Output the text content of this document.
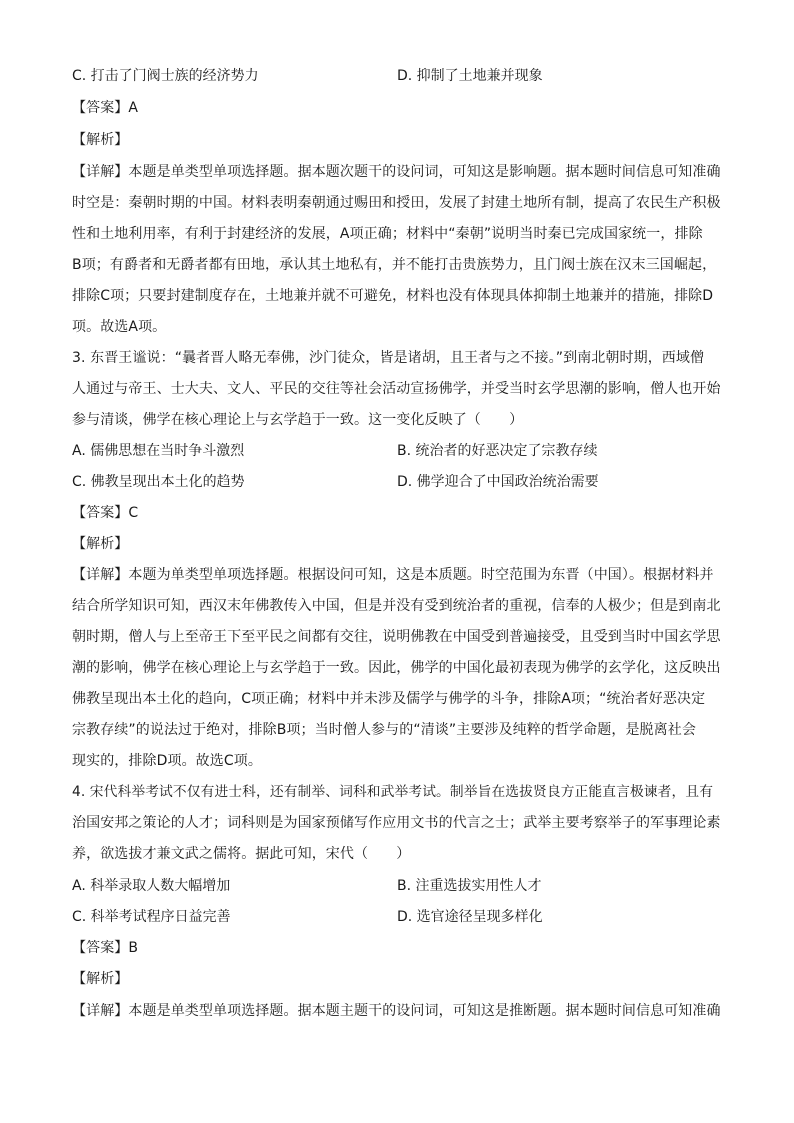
C. 打击了门阀士族的经济势力	D. 抑制了土地兼并现象
【答案】A
【解析】
【详解】本题是单类型单项选择题。据本题次题干的设问词，可知这是影响题。据本题时间信息可知准确
时空是：秦朝时期的中国。材料表明秦朝通过赐田和授田，发展了封建土地所有制，提高了农民生产积极
性和土地利用率，有利于封建经济的发展，A项正确；材料中“秦朝”说明当时秦已完成国家统一，排除
B项；有爵者和无爵者都有田地，承认其土地私有，并不能打击贵族势力，且门阀士族在汉末三国崛起，
排除C项；只要封建制度存在，土地兼并就不可避免，材料也没有体现具体抑制土地兼并的措施，排除D
项。故选A项。
3. 东晋王谧说：“曩者晋人略无奉佛，沙门徒众，皆是诸胡，且王者与之不接。”到南北朝时期，西域僧
人通过与帝王、士大夫、文人、平民的交往等社会活动宣扬佛学，并受当时玄学思潮的影响，僧人也开始
参与清谈，佛学在核心理论上与玄学趋于一致。这一变化反映了（　　）
A. 儒佛思想在当时争斗激烈	B. 统治者的好恶决定了宗教存续
C. 佛教呈现出本土化的趋势	D. 佛学迎合了中国政治统治需要
【答案】C
【解析】
【详解】本题为单类型单项选择题。根据设问可知，这是本质题。时空范围为东晋（中国）。根据材料并
结合所学知识可知，西汉末年佛教传入中国，但是并没有受到统治者的重视，信奉的人极少；但是到南北
朝时期，僧人与上至帝王下至平民之间都有交往，说明佛教在中国受到普遍接受，且受到当时中国玄学思
潮的影响，佛学在核心理论上与玄学趋于一致。因此，佛学的中国化最初表现为佛学的玄学化，这反映出
佛教呈现出本土化的趋向，C项正确；材料中并未涉及儒学与佛学的斗争，排除A项；“统治者好恶决定
宗教存续”的说法过于绝对，排除B项；当时僧人参与的“清谈”主要涉及纯粹的哲学命题，是脱离社会
现实的，排除D项。故选C项。
4. 宋代科举考试不仅有进士科，还有制举、词科和武举考试。制举旨在选拔贤良方正能直言极谏者，且有
治国安邦之策论的人才；词科则是为国家预储写作应用文书的代言之士；武举主要考察举子的军事理论素
养，欲选拔才兼文武之儒将。据此可知，宋代（　　）
A. 科举录取人数大幅增加	B. 注重选拔实用性人才
C. 科举考试程序日益完善	D. 选官途径呈现多样化
【答案】B
【解析】
【详解】本题是单类型单项选择题。据本题主题干的设问词，可知这是推断题。据本题时间信息可知准确
